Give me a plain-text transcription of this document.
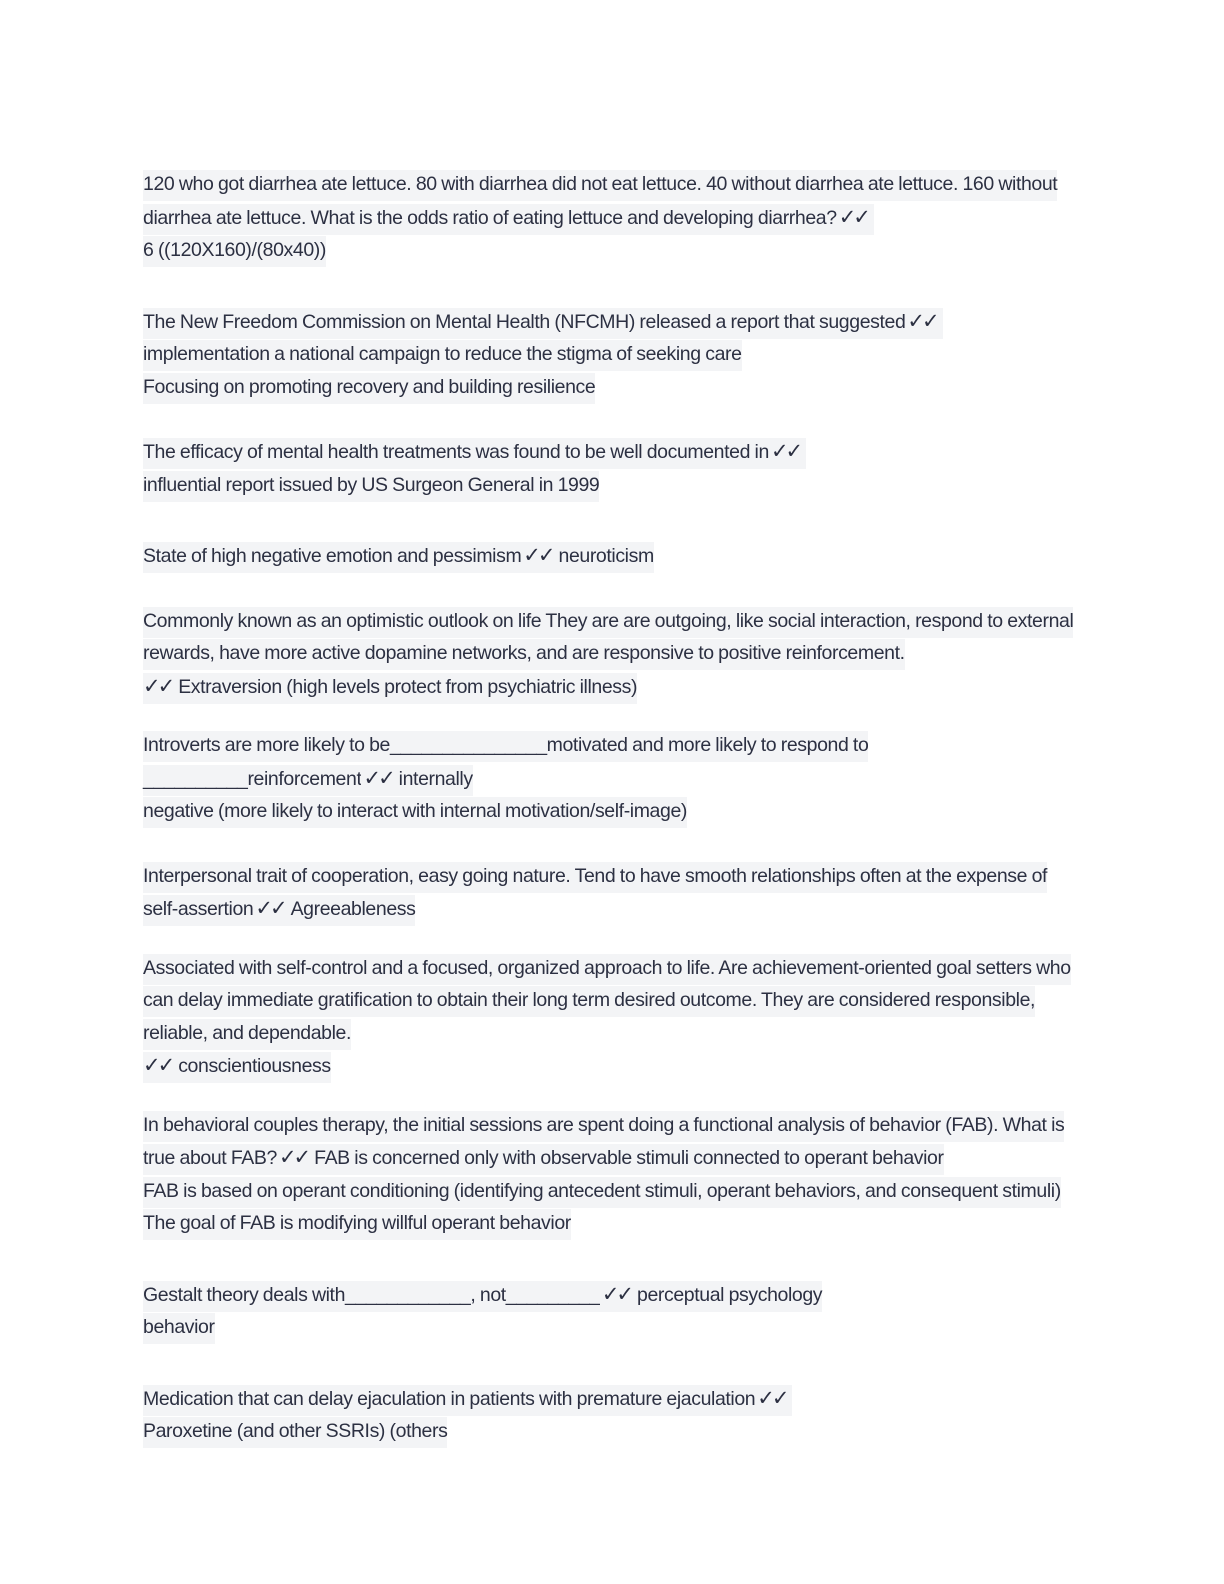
120 who got diarrhea ate lettuce. 80 with diarrhea did not eat lettuce. 40 without diarrhea ate lettuce. 160 without diarrhea ate lettuce. What is the odds ratio of eating lettuce and developing diarrhea?✓✓
6 ((120X160)/(80x40))

The New Freedom Commission on Mental Health (NFCMH) released a report that suggested✓✓
implementation a national campaign to reduce the stigma of seeking care
Focusing on promoting recovery and building resilience

The efficacy of mental health treatments was found to be well documented in✓✓
influential report issued by US Surgeon General in 1999

State of high negative emotion and pessimism✓✓ neuroticism

Commonly known as an optimistic outlook on life They are are outgoing, like social interaction, respond to external rewards, have more active dopamine networks, and are responsive to positive reinforcement.
✓✓ Extraversion (high levels protect from psychiatric illness)

Introverts are more likely to be_______________motivated and more likely to respond to __________reinforcement✓✓ internally
negative (more likely to interact with internal motivation/self-image)

Interpersonal trait of cooperation, easy going nature. Tend to have smooth relationships often at the expense of self-assertion✓✓ Agreeableness

Associated with self-control and a focused, organized approach to life. Are achievement-oriented goal setters who can delay immediate gratification to obtain their long term desired outcome. They are considered responsible, reliable, and dependable.
✓✓ conscientiousness

In behavioral couples therapy, the initial sessions are spent doing a functional analysis of behavior (FAB). What is true about FAB?✓✓ FAB is concerned only with observable stimuli connected to operant behavior
FAB is based on operant conditioning (identifying antecedent stimuli, operant behaviors, and consequent stimuli)
The goal of FAB is modifying willful operant behavior

Gestalt theory deals with____________, not_________✓✓ perceptual psychology
behavior

Medication that can delay ejaculation in patients with premature ejaculation✓✓
Paroxetine (and other SSRIs) (others
